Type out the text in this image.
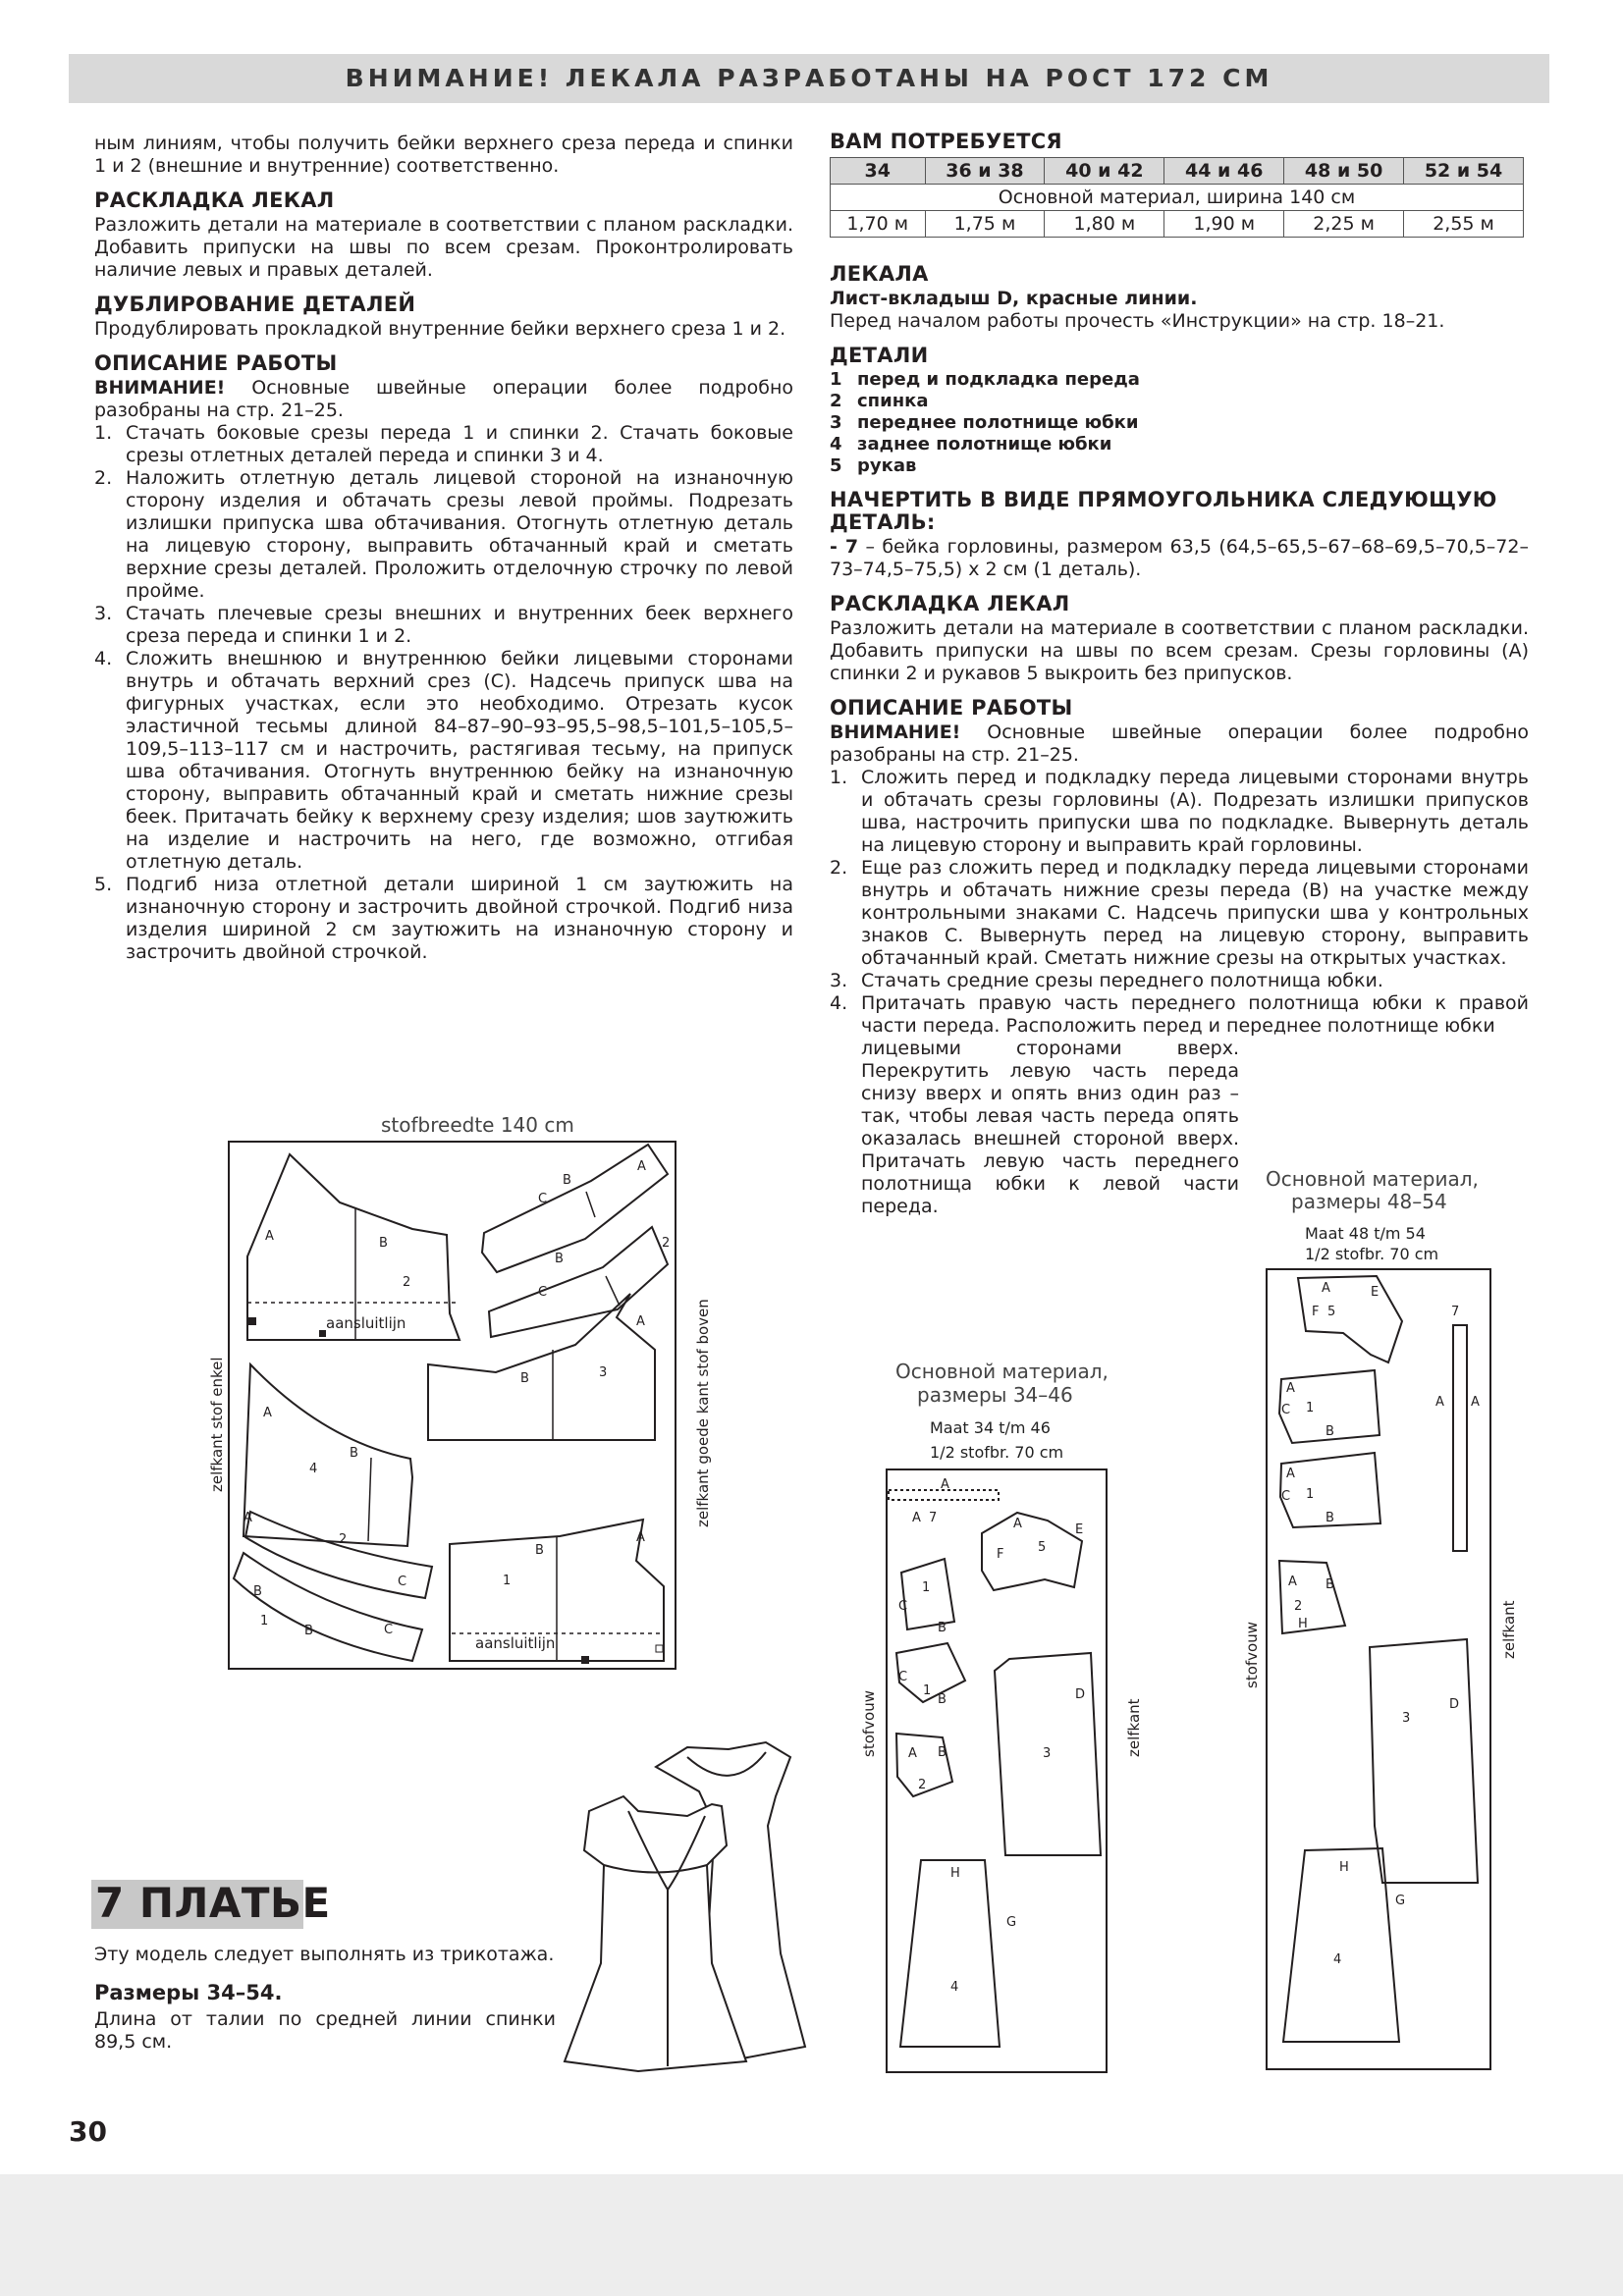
ВНИМАНИЕ! ЛЕКАЛА РАЗРАБОТАНЫ НА РОСТ 172 СМ

ным линиям, чтобы получить бейки верхнего среза переда и спинки 1 и 2 (внешние и внутренние) соответственно.

РАСКЛАДКА ЛЕКАЛ

Разложить детали на материале в соответствии с планом раскладки. Добавить припуски на швы по всем срезам. Проконтролировать наличие левых и правых деталей.

ДУБЛИРОВАНИЕ ДЕТАЛЕЙ

Продублировать прокладкой внутренние бейки верхнего среза 1 и 2.

ОПИСАНИЕ РАБОТЫ

ВНИМАНИЕ! Основные швейные операции более подробно разобраны на стр. 21–25.

1. Стачать боковые срезы переда 1 и спинки 2. Стачать боковые срезы отлетных деталей переда и спинки 3 и 4.
2. Наложить отлетную деталь лицевой стороной на изнаночную сторону изделия и обтачать срезы левой проймы. Подрезать излишки припуска шва обтачивания. Отогнуть отлетную деталь на лицевую сторону, выправить обтачанный край и сметать верхние срезы деталей. Проложить отделочную строчку по левой пройме.
3. Стачать плечевые срезы внешних и внутренних беек верхнего среза переда и спинки 1 и 2.
4. Сложить внешнюю и внутреннюю бейки лицевыми сторонами внутрь и обтачать верхний срез (C). Надсечь припуск шва на фигурных участках, если это необходимо. Отрезать кусок эластичной тесьмы длиной 84–87–90–93–95,5–98,5–101,5–105,5–109,5–113–117 см и настрочить, растягивая тесьму, на припуск шва обтачивания. Отогнуть внутреннюю бейку на изнаночную сторону, выправить обтачанный край и сметать нижние срезы беек. Притачать бейку к верхнему срезу изделия; шов заутюжить на изделие и настрочить на него, где возможно, отгибая отлетную деталь.
5. Подгиб низа отлетной детали шириной 1 см заутюжить на изнаночную сторону и застрочить двойной строчкой. Подгиб низа изделия шириной 2 см заутюжить на изнаночную сторону и застрочить двойной строчкой.

ВАМ ПОТРЕБУЕТСЯ

34	36 и 38	40 и 42	44 и 46	48 и 50	52 и 54
Основной материал, ширина 140 см					
1,70 м	1,75 м	1,80 м	1,90 м	2,25 м	2,55 м

ЛЕКАЛА

Лист-вкладыш D, красные линии.

Перед началом работы прочесть «Инструкции» на стр. 18–21.

ДЕТАЛИ

1 перед и подкладка переда
2 спинка
3 переднее полотнище юбки
4 заднее полотнище юбки
5 рукав

НАЧЕРТИТЬ В ВИДЕ ПРЯМОУГОЛЬНИКА СЛЕДУЮЩУЮ ДЕТАЛЬ:

- 7 – бейка горловины, размером 63,5 (64,5–65,5–67–68–69,5–70,5–72–73–74,5–75,5) х 2 см (1 деталь).

РАСКЛАДКА ЛЕКАЛ

Разложить детали на материале в соответствии с планом раскладки. Добавить припуски на швы по всем срезам. Срезы горловины (A) спинки 2 и рукавов 5 выкроить без припусков.

ОПИСАНИЕ РАБОТЫ

ВНИМАНИЕ! Основные швейные операции более подробно разобраны на стр. 21–25.

1. Сложить перед и подкладку переда лицевыми сторонами внутрь и обтачать срезы горловины (A). Подрезать излишки припусков шва, настрочить припуски шва по подкладке. Вывернуть деталь на лицевую сторону и выправить край горловины.
2. Еще раз сложить перед и подкладку переда лицевыми сторонами внутрь и обтачать нижние срезы переда (B) на участке между контрольными знаками C. Надсечь припуски шва у контрольных знаков C. Вывернуть перед на лицевую сторону, выправить обтачанный край. Сметать нижние срезы на открытых участках.
3. Стачать средние срезы переднего полотнища юбки.
4. Притачать правую часть переднего полотнища юбки к правой части переда. Расположить перед и переднее полотнище юбки

лицевыми сторонами вверх. Перекрутить левую часть переда снизу вверх и опять вниз один раз – так, чтобы левая часть переда опять оказалась внешней стороной вверх. Притачать левую часть переднего полотнища юбки к левой части переда.

stofbreedte 140 cm
A	B
2
C
B
A
2
B
C
A
B	3
A
B
4
A
2
C
B
1
B	C
A
B
1
aansluitlijn
aansluitlijn
zelfkant stof enkel	zelfkant goede kant stof boven	Основной материал,
размеры 34–46
Maat 34 t/m 46
1/2 stofbr. 70 cm
A
A 7
F	5
E
A
C
1
B
C
1
B
A
2
B
D
3
H
G
4
stofvouw	zelfkant
Основной материал,
размеры 48–54
Maat 48 t/m 54
1/2 stofbr. 70 cm
A
F 5
E
7
A A
A
C 1
B
A
C 1
B
A
2
H
B
D
3
H
G
4
stofvouw	zelfkant
7 ПЛАТЬЕ

Эту модель следует выполнять из трикотажа.

Размеры 34–54.

Длина от талии по средней линии спинки 89,5 см.

30
